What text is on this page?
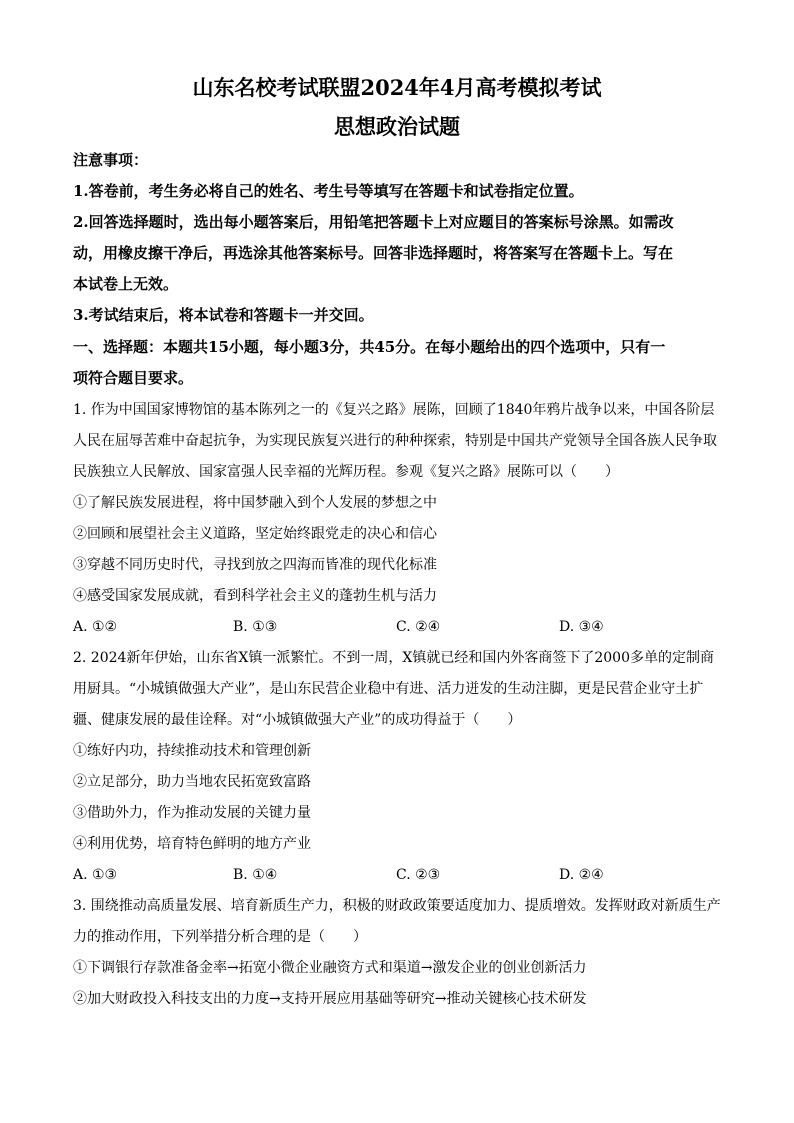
山东名校考试联盟2024年4月高考模拟考试
思想政治试题
注意事项：
1.答卷前，考生务必将自己的姓名、考生号等填写在答题卡和试卷指定位置。
2.回答选择题时，选出每小题答案后，用铅笔把答题卡上对应题目的答案标号涂黑。如需改
动，用橡皮擦干净后，再选涂其他答案标号。回答非选择题时，将答案写在答题卡上。写在
本试卷上无效。
3.考试结束后，将本试卷和答题卡一并交回。
一、选择题：本题共15小题，每小题3分，共45分。在每小题给出的四个选项中，只有一
项符合题目要求。
1. 作为中国国家博物馆的基本陈列之一的《复兴之路》展陈，回顾了1840年鸦片战争以来，中国各阶层
人民在屈辱苦难中奋起抗争，为实现民族复兴进行的种种探索，特别是中国共产党领导全国各族人民争取
民族独立人民解放、国家富强人民幸福的光辉历程。参观《复兴之路》展陈可以（　　）
①了解民族发展进程，将中国梦融入到个人发展的梦想之中
②回顾和展望社会主义道路，坚定始终跟党走的决心和信心
③穿越不同历史时代，寻找到放之四海而皆准的现代化标准
④感受国家发展成就，看到科学社会主义的蓬勃生机与活力
A. ①②	B. ①③	C. ②④	D. ③④
2. 2024新年伊始，山东省X镇一派繁忙。不到一周，X镇就已经和国内外客商签下了2000多单的定制商
用厨具。“小城镇做强大产业”，是山东民营企业稳中有进、活力迸发的生动注脚，更是民营企业守土扩
疆、健康发展的最佳诠释。对“小城镇做强大产业”的成功得益于（　　）
①练好内功，持续推动技术和管理创新
②立足部分，助力当地农民拓宽致富路
③借助外力，作为推动发展的关键力量
④利用优势，培育特色鲜明的地方产业
A. ①③	B. ①④	C. ②③	D. ②④
3. 围绕推动高质量发展、培育新质生产力，积极的财政政策要适度加力、提质增效。发挥财政对新质生产
力的推动作用，下列举措分析合理的是（　　）
①下调银行存款准备金率→拓宽小微企业融资方式和渠道→激发企业的创业创新活力
②加大财政投入科技支出的力度→支持开展应用基础等研究→推动关键核心技术研发
